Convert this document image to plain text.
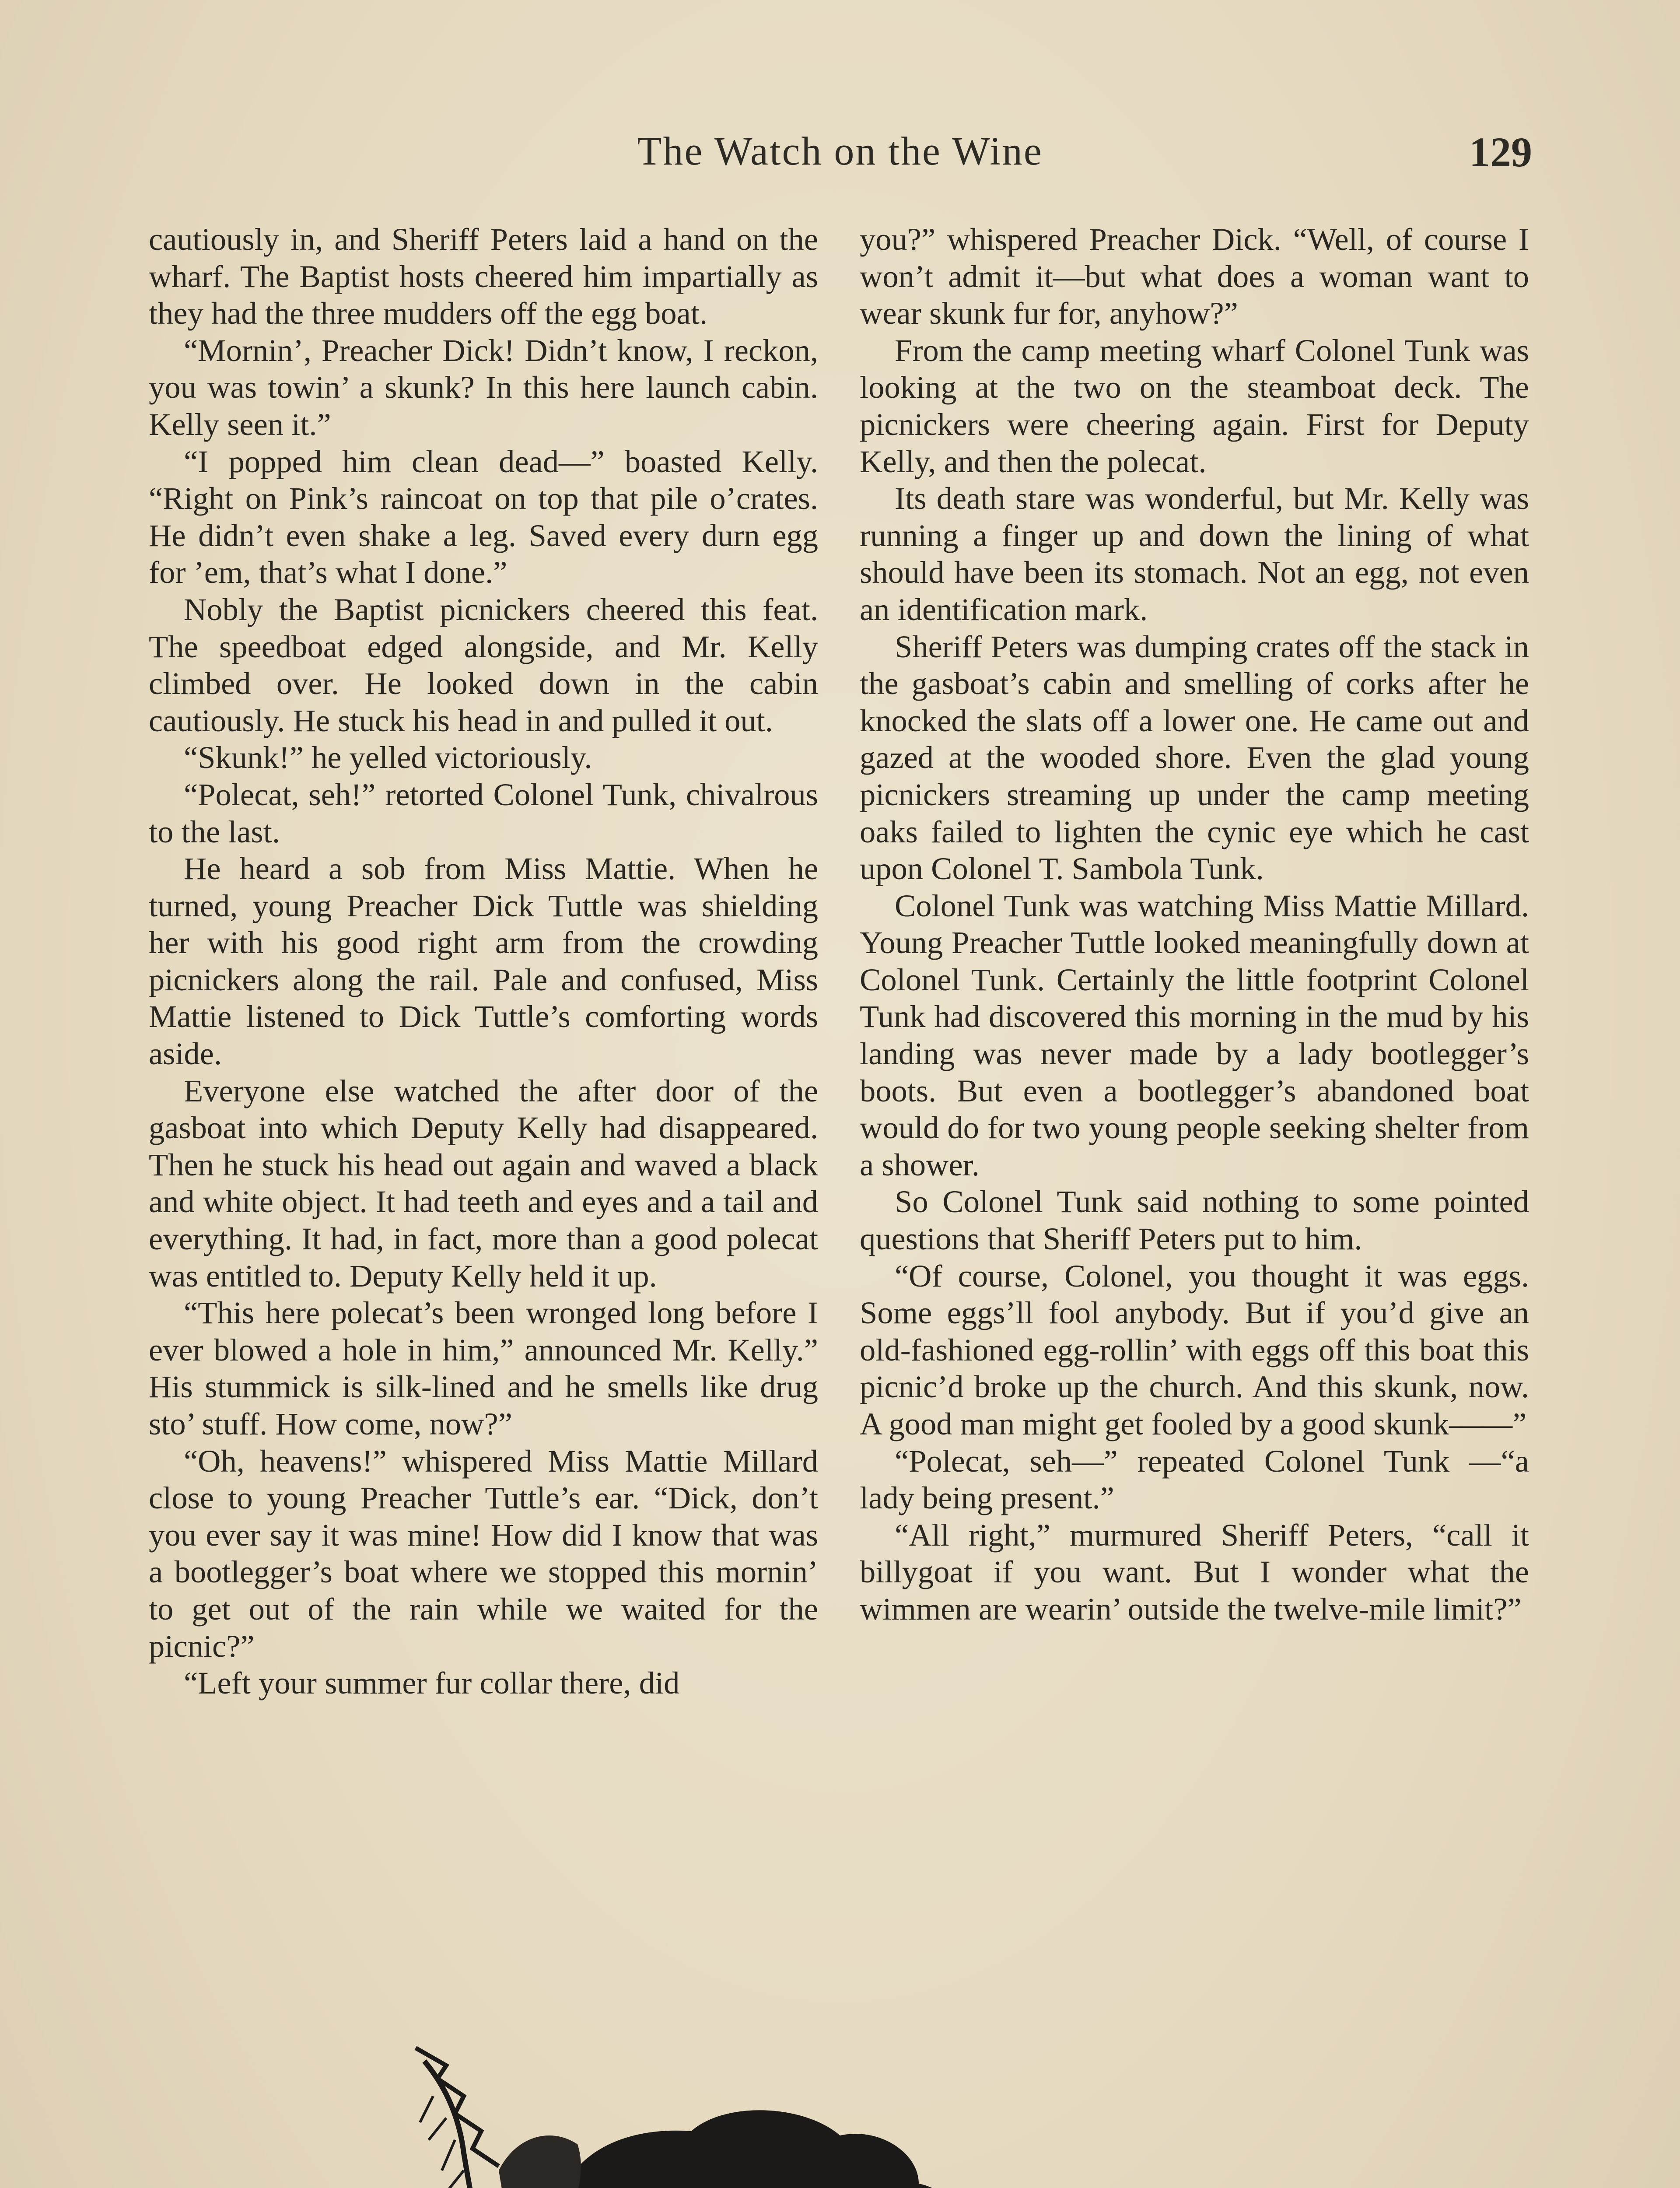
The Watch on the Wine	129

cautiously in, and Sheriff Peters laid a hand on the wharf. The Baptist hosts cheered him impartially as they had the three mudders off the egg boat.

“Mornin’, Preacher Dick! Didn’t know, I reckon, you was towin’ a skunk? In this here launch cabin. Kelly seen it.”

“I popped him clean dead—” boasted Kelly. “Right on Pink’s raincoat on top that pile o’crates. He didn’t even shake a leg. Saved every durn egg for ’em, that’s what I done.”

Nobly the Baptist picnickers cheered this feat. The speedboat edged alongside, and Mr. Kelly climbed over. He looked down in the cabin cautiously. He stuck his head in and pulled it out.

“Skunk!” he yelled victoriously.

“Polecat, seh!” retorted Colonel Tunk, chivalrous to the last.

He heard a sob from Miss Mattie. When he turned, young Preacher Dick Tuttle was shielding her with his good right arm from the crowding picnickers along the rail. Pale and confused, Miss Mattie listened to Dick Tuttle’s comforting words aside.

Everyone else watched the after door of the gasboat into which Deputy Kelly had disappeared. Then he stuck his head out again and waved a black and white object. It had teeth and eyes and a tail and everything. It had, in fact, more than a good polecat was entitled to. Deputy Kelly held it up.

“This here polecat’s been wronged long before I ever blowed a hole in him,” announced Mr. Kelly.” His stummick is silk-lined and he smells like drug sto’ stuff. How come, now?”

“Oh, heavens!” whispered Miss Mattie Millard close to young Preacher Tuttle’s ear. “Dick, don’t you ever say it was mine! How did I know that was a bootlegger’s boat where we stopped this mornin’ to get out of the rain while we waited for the picnic?”

“Left your summer fur collar there, did

you?” whispered Preacher Dick. “Well, of course I won’t admit it—but what does a woman want to wear skunk fur for, anyhow?”

From the camp meeting wharf Colonel Tunk was looking at the two on the steamboat deck. The picnickers were cheering again. First for Deputy Kelly, and then the polecat.

Its death stare was wonderful, but Mr. Kelly was running a finger up and down the lining of what should have been its stomach. Not an egg, not even an identification mark.

Sheriff Peters was dumping crates off the stack in the gasboat’s cabin and smelling of corks after he knocked the slats off a lower one. He came out and gazed at the wooded shore. Even the glad young picnickers streaming up under the camp meeting oaks failed to lighten the cynic eye which he cast upon Colonel T. Sambola Tunk.

Colonel Tunk was watching Miss Mattie Millard. Young Preacher Tuttle looked meaningfully down at Colonel Tunk. Certainly the little footprint Colonel Tunk had discovered this morning in the mud by his landing was never made by a lady bootlegger’s boots. But even a bootlegger’s abandoned boat would do for two young people seeking shelter from a shower.

So Colonel Tunk said nothing to some pointed questions that Sheriff Peters put to him.

“Of course, Colonel, you thought it was eggs. Some eggs’ll fool anybody. But if you’d give an old-fashioned egg-rollin’ with eggs off this boat this picnic’d broke up the church. And this skunk, now. A good man might get fooled by a good skunk——”

“Polecat, seh—” repeated Colonel Tunk —“a lady being present.”

“All right,” murmured Sheriff Peters, “call it billygoat if you want. But I wonder what the wimmen are wearin’ outside the twelve-mile limit?”
